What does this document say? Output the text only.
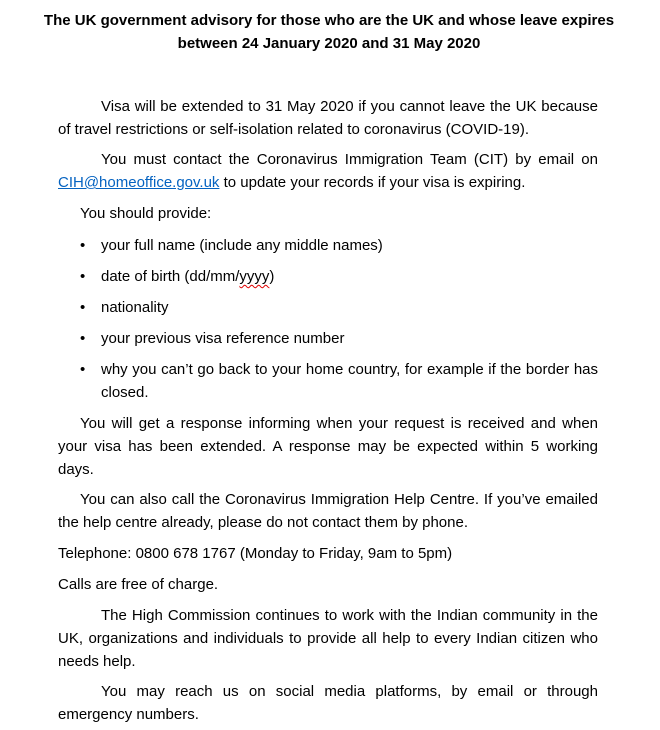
The UK government advisory for those who are the UK and whose leave expires between 24 January 2020 and 31 May 2020

Visa will be extended to 31 May 2020 if you cannot leave the UK because of travel restrictions or self-isolation related to coronavirus (COVID-19).

You must contact the Coronavirus Immigration Team (CIT) by email on CIH@homeoffice.gov.uk to update your records if your visa is expiring.

You should provide:

• your full name (include any middle names)
• date of birth (dd/mm/yyyy)
• nationality
• your previous visa reference number
• why you can’t go back to your home country, for example if the border has closed.

You will get a response informing when your request is received and when your visa has been extended. A response may be expected within 5 working days.

You can also call the Coronavirus Immigration Help Centre. If you’ve emailed the help centre already, please do not contact them by phone.

Telephone: 0800 678 1767 (Monday to Friday, 9am to 5pm)

Calls are free of charge.

The High Commission continues to work with the Indian community in the UK, organizations and individuals to provide all help to every Indian citizen who needs help.

You may reach us on social media platforms, by email or through emergency numbers.
